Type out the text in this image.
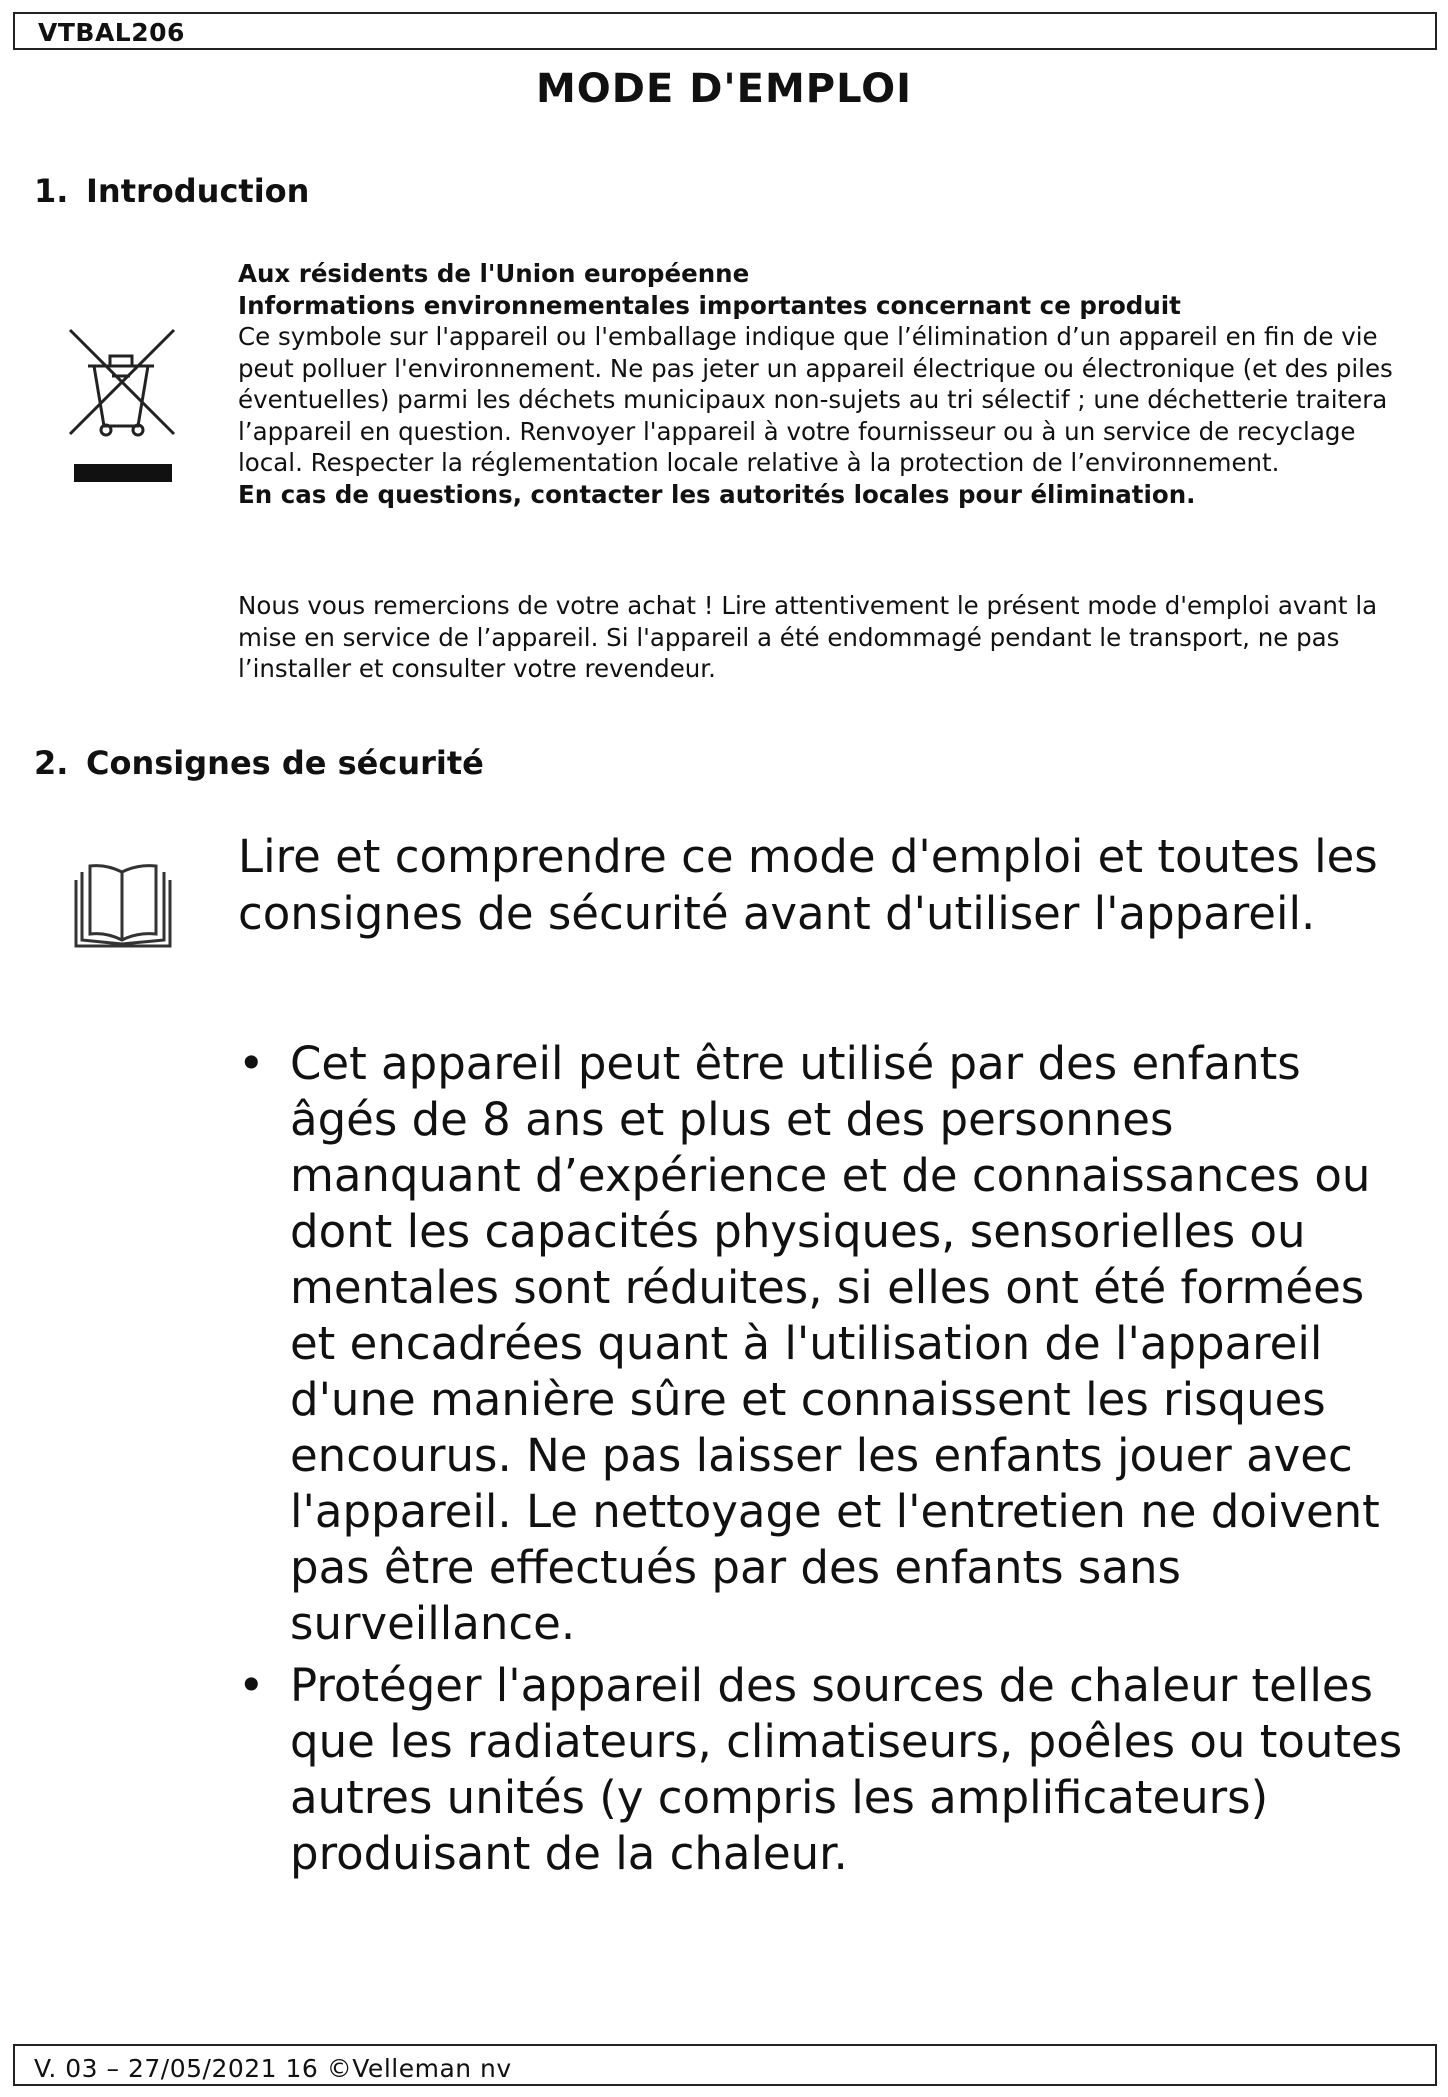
VTBAL206
MODE D'EMPLOI
1. Introduction

Aux résidents de l'Union européenne

Informations environnementales importantes concernant ce produit

Ce symbole sur l'appareil ou l'emballage indique que l’élimination d’un appareil en fin de vie peut polluer l'environnement. Ne pas jeter un appareil électrique ou électronique (et des piles éventuelles) parmi les déchets municipaux non-sujets au tri sélectif ; une déchetterie traitera l’appareil en question. Renvoyer l'appareil à votre fournisseur ou à un service de recyclage local. Respecter la réglementation locale relative à la protection de l’environnement.

En cas de questions, contacter les autorités locales pour élimination.

Nous vous remercions de votre achat ! Lire attentivement le présent mode d'emploi avant la mise en service de l’appareil. Si l'appareil a été endommagé pendant le transport, ne pas l’installer et consulter votre revendeur.
2. Consignes de sécurité
Lire et comprendre ce mode d'emploi et toutes les consignes de sécurité avant d'utiliser l'appareil.
• Cet appareil peut être utilisé par des enfants âgés de 8 ans et plus et des personnes manquant d’expérience et de connaissances ou dont les capacités physiques, sensorielles ou mentales sont réduites, si elles ont été formées et encadrées quant à l'utilisation de l'appareil d'une manière sûre et connaissent les risques encourus. Ne pas laisser les enfants jouer avec l'appareil. Le nettoyage et l'entretien ne doivent pas être effectués par des enfants sans surveillance.
• Protéger l'appareil des sources de chaleur telles que les radiateurs, climatiseurs, poêles ou toutes autres unités (y compris les amplificateurs) produisant de la chaleur.
V. 03 – 27/05/2021 16 ©Velleman nv
